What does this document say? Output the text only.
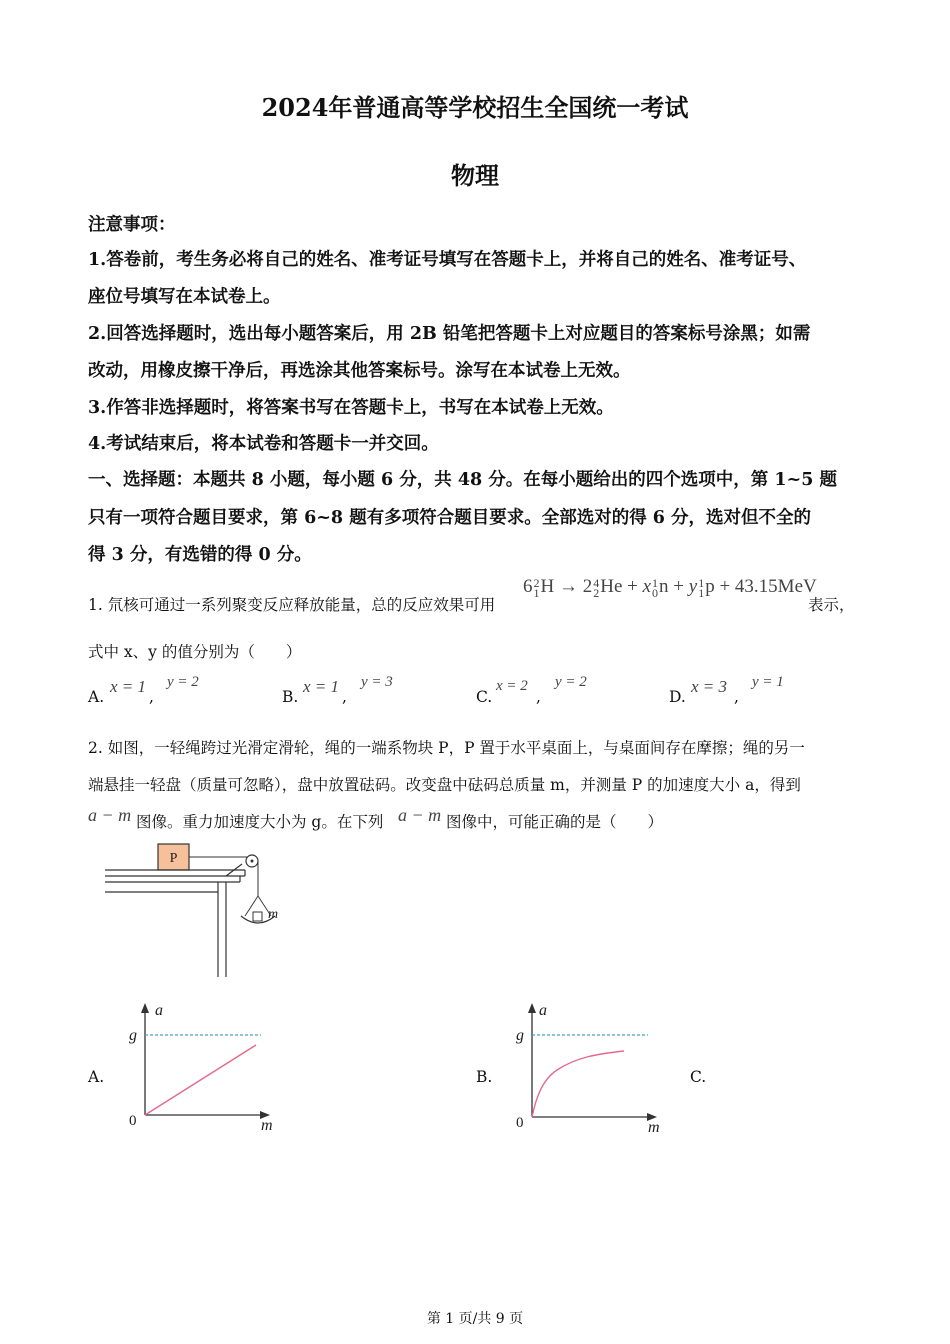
2024年普通高等学校招生全国统一考试
物理
注意事项：
1.答卷前，考生务必将自己的姓名、准考证号填写在答题卡上，并将自己的姓名、准考证号、
座位号填写在本试卷上。
2.回答选择题时，选出每小题答案后，用 2B 铅笔把答题卡上对应题目的答案标号涂黑；如需
改动，用橡皮擦干净后，再选涂其他答案标号。涂写在本试卷上无效。
3.作答非选择题时，将答案书写在答题卡上，书写在本试卷上无效。
4.考试结束后，将本试卷和答题卡一并交回。
一、选择题：本题共 8 小题，每小题 6 分，共 48 分。在每小题给出的四个选项中，第 1~5 题
只有一项符合题目要求，第 6~8 题有多项符合题目要求。全部选对的得 6 分，选对但不全的
得 3 分，有选错的得 0 分。
1. 氘核可通过一系列聚变反应释放能量，总的反应效果可用
6 2
1 H → 2 4
2 He + x 1
0 n + y 1
1 p + 43.15MeV
表示，
式中 x、y 的值分别为（　　）
A.
x = 1
,
y = 2
B.
x = 1
,
y = 3
C.
x = 2
,
y = 2
D.
x = 3
,
y = 1
2. 如图，一轻绳跨过光滑定滑轮，绳的一端系物块 P，P 置于水平桌面上，与桌面间存在摩擦；绳的另一
端悬挂一轻盘（质量可忽略），盘中放置砝码。改变盘中砝码总质量 m，并测量 P 的加速度大小 a，得到
a − m 图像。重力加速度大小为 g。在下列 a − m 图像中，可能正确的是（　　）
P
m
A.
a
g
0	m
B.
a
g
0	m
C.
第 1 页/共 9 页
